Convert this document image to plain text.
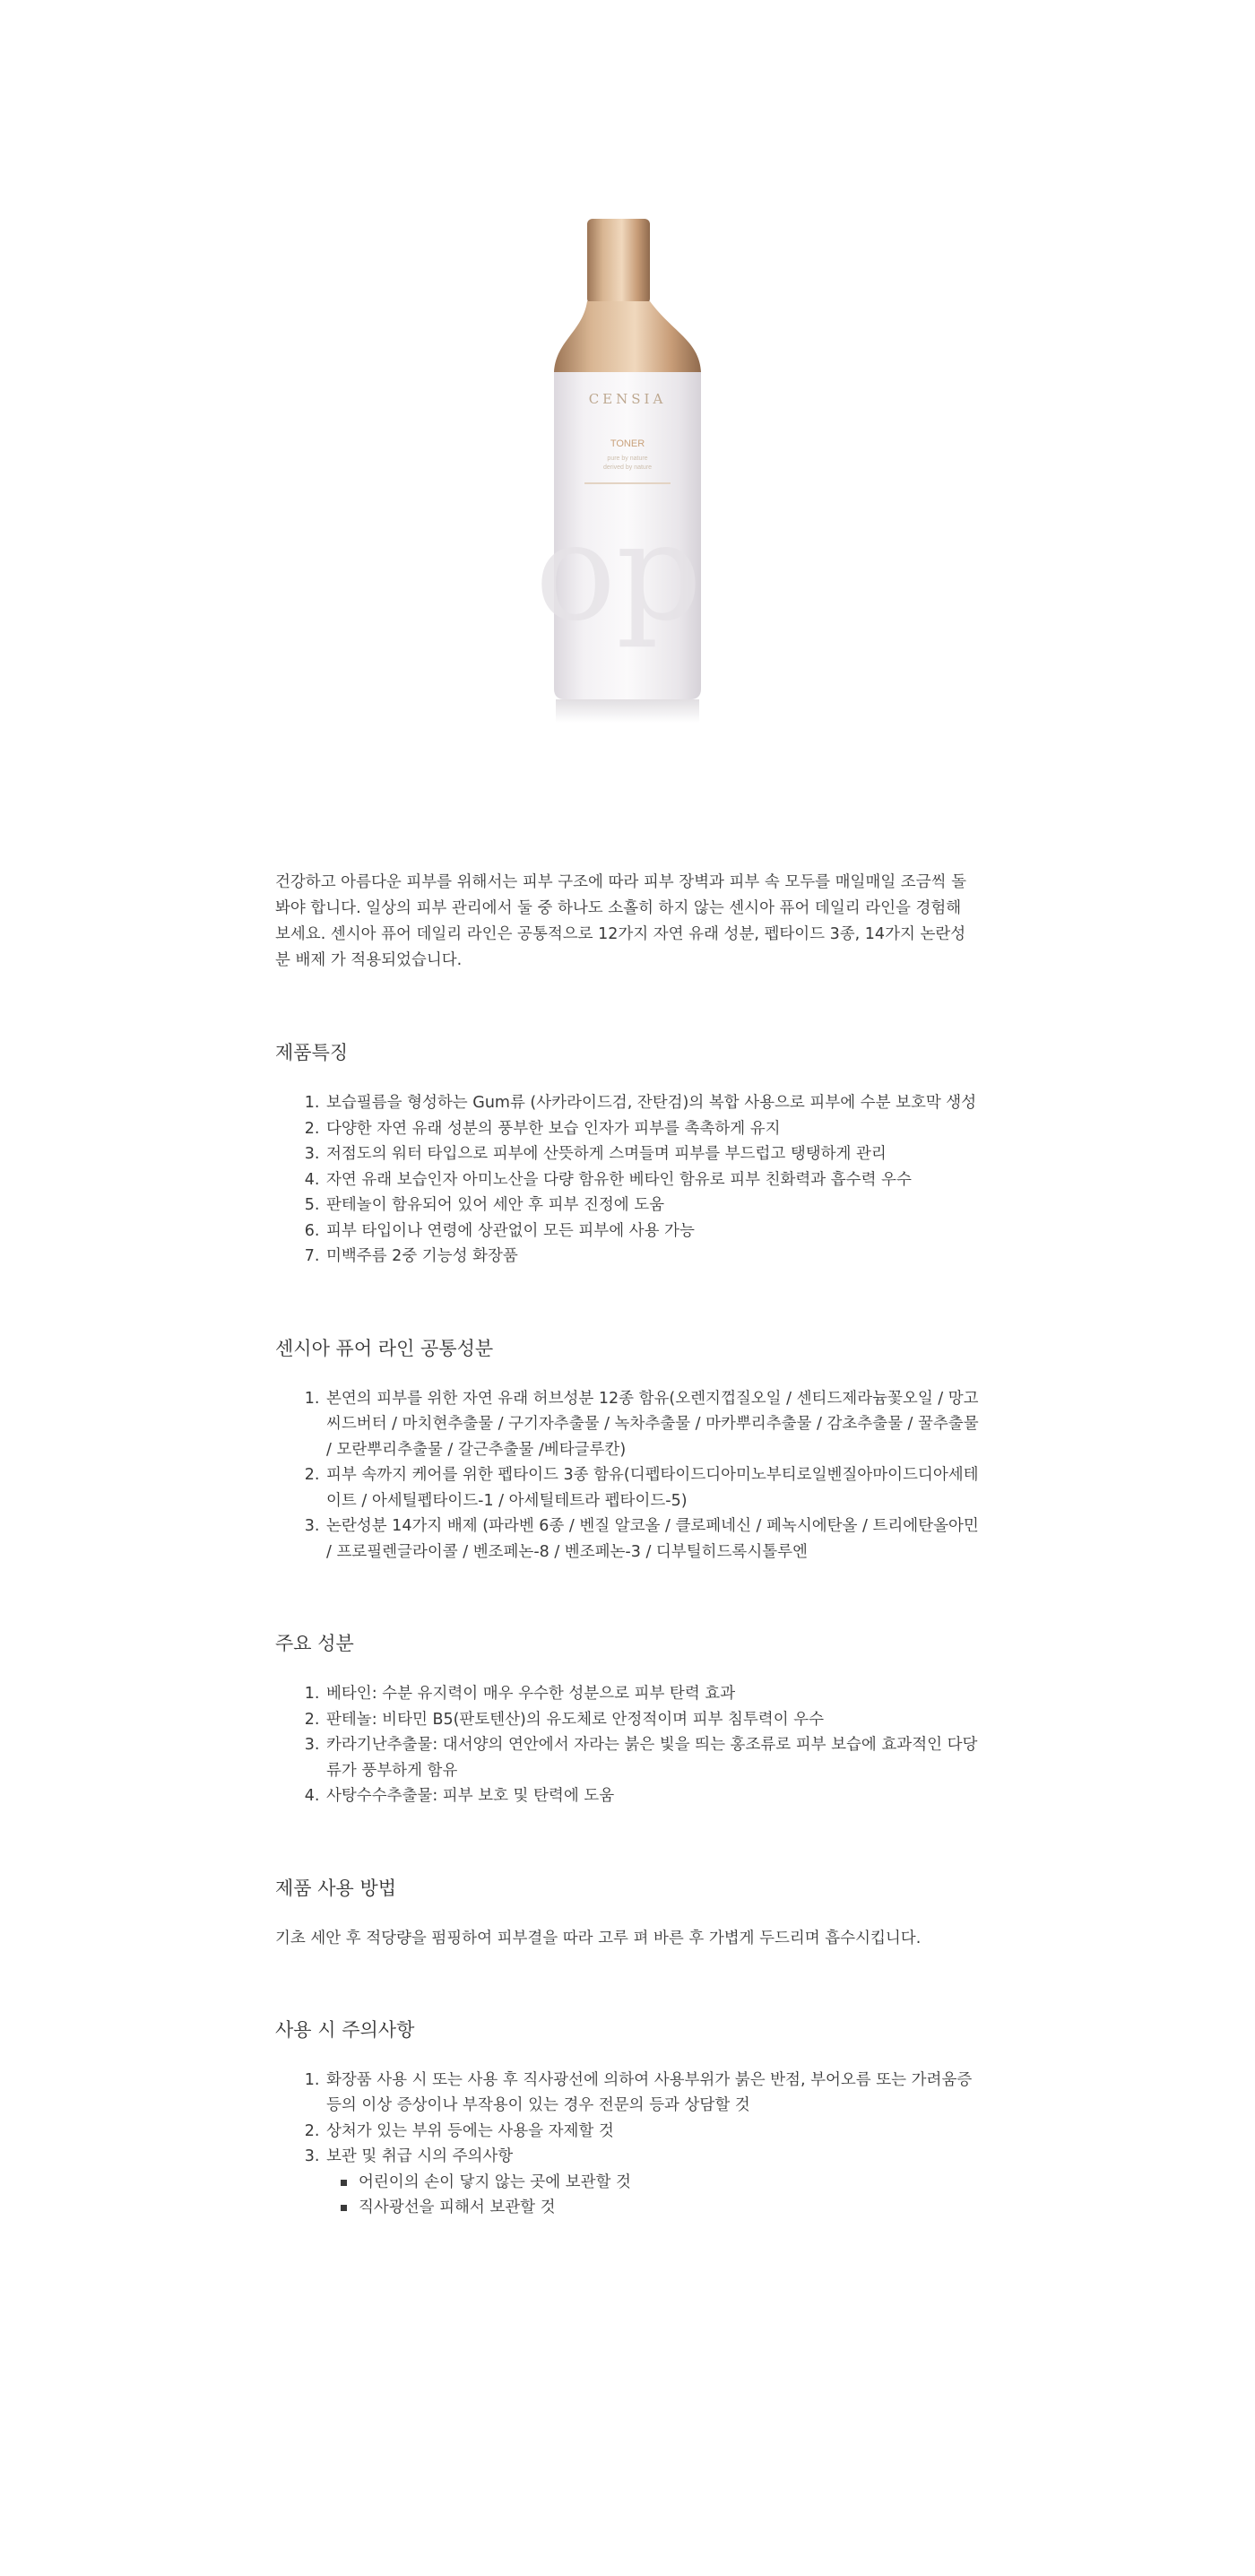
op
CENSIA
TONER
pure by nature
derived by nature

건강하고 아름다운 피부를 위해서는 피부 구조에 따라 피부 장벽과 피부 속 모두를 매일매일 조금씩 돌봐야 합니다. 일상의 피부 관리에서 둘 중 하나도 소홀히 하지 않는 센시아 퓨어 데일리 라인을 경험해 보세요. 센시아 퓨어 데일리 라인은 공통적으로 12가지 자연 유래 성분, 펩타이드 3종, 14가지 논란성분 배제 가 적용되었습니다.

제품특징
1. 보습필름을 형성하는 Gum류 (사카라이드검, 잔탄검)의 복합 사용으로 피부에 수분 보호막 생성
2. 다양한 자연 유래 성분의 풍부한 보습 인자가 피부를 촉촉하게 유지
3. 저점도의 워터 타입으로 피부에 산뜻하게 스며들며 피부를 부드럽고 탱탱하게 관리
4. 자연 유래 보습인자 아미노산을 다량 함유한 베타인 함유로 피부 친화력과 흡수력 우수
5. 판테놀이 함유되어 있어 세안 후 피부 진정에 도움
6. 피부 타입이나 연령에 상관없이 모든 피부에 사용 가능
7. 미백주름 2중 기능성 화장품
센시아 퓨어 라인 공통성분
1. 본연의 피부를 위한 자연 유래 허브성분 12종 함유(오렌지껍질오일 / 센티드제라늄꽃오일 / 망고씨드버터 / 마치현추출물 / 구기자추출물 / 녹차추출물 / 마카뿌리추출물 / 감초추출물 / 꿀추출물 / 모란뿌리추출물 / 갈근추출물 /베타글루칸)
2. 피부 속까지 케어를 위한 펩타이드 3종 함유(디펩타이드디아미노부티로일벤질아마이드디아세테이트 / 아세틸펩타이드-1 / 아세틸테트라 펩타이드-5)
3. 논란성분 14가지 배제 (파라벤 6종 / 벤질 알코올 / 클로페네신 / 페녹시에탄올 / 트리에탄올아민 / 프로필렌글라이콜 / 벤조페논-8 / 벤조페논-3 / 디부틸히드록시톨루엔
주요 성분
1. 베타인: 수분 유지력이 매우 우수한 성분으로 피부 탄력 효과
2. 판테놀: 비타민 B5(판토텐산)의 유도체로 안정적이며 피부 침투력이 우수
3. 카라기난추출물: 대서양의 연안에서 자라는 붉은 빛을 띄는 홍조류로 피부 보습에 효과적인 다당류가 풍부하게 함유
4. 사탕수수추출물: 피부 보호 및 탄력에 도움
제품 사용 방법

기초 세안 후 적당량을 펌핑하여 피부결을 따라 고루 펴 바른 후 가볍게 두드리며 흡수시킵니다.

사용 시 주의사항
1. 화장품 사용 시 또는 사용 후 직사광선에 의하여 사용부위가 붉은 반점, 부어오름 또는 가려움증 등의 이상 증상이나 부작용이 있는 경우 전문의 등과 상담할 것
2. 상처가 있는 부위 등에는 사용을 자제할 것
3. 보관 및 취급 시의 주의사항
어린이의 손이 닿지 않는 곳에 보관할 것
직사광선을 피해서 보관할 것
